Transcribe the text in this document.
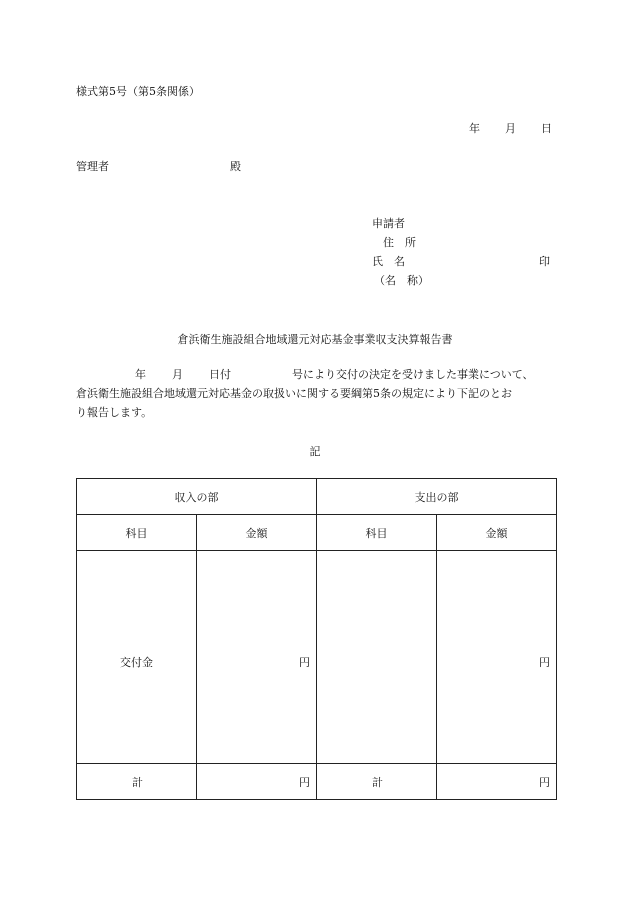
様式第5号（第5条関係）
年 月 日
管理者	殿
申請者
住所
氏名	印
（名　称）
倉浜衛生施設組合地域還元対応基金事業収支決算報告書
年 月 日付	号により交付の決定を受けました事業について、
倉浜衛生施設組合地域還元対応基金の取扱いに関する要綱第5条の規定により下記のとお
り報告します。
記
収入の部		支出の部	
科目	金額	科目	金額
交付金	円		円
計	円	計	円
